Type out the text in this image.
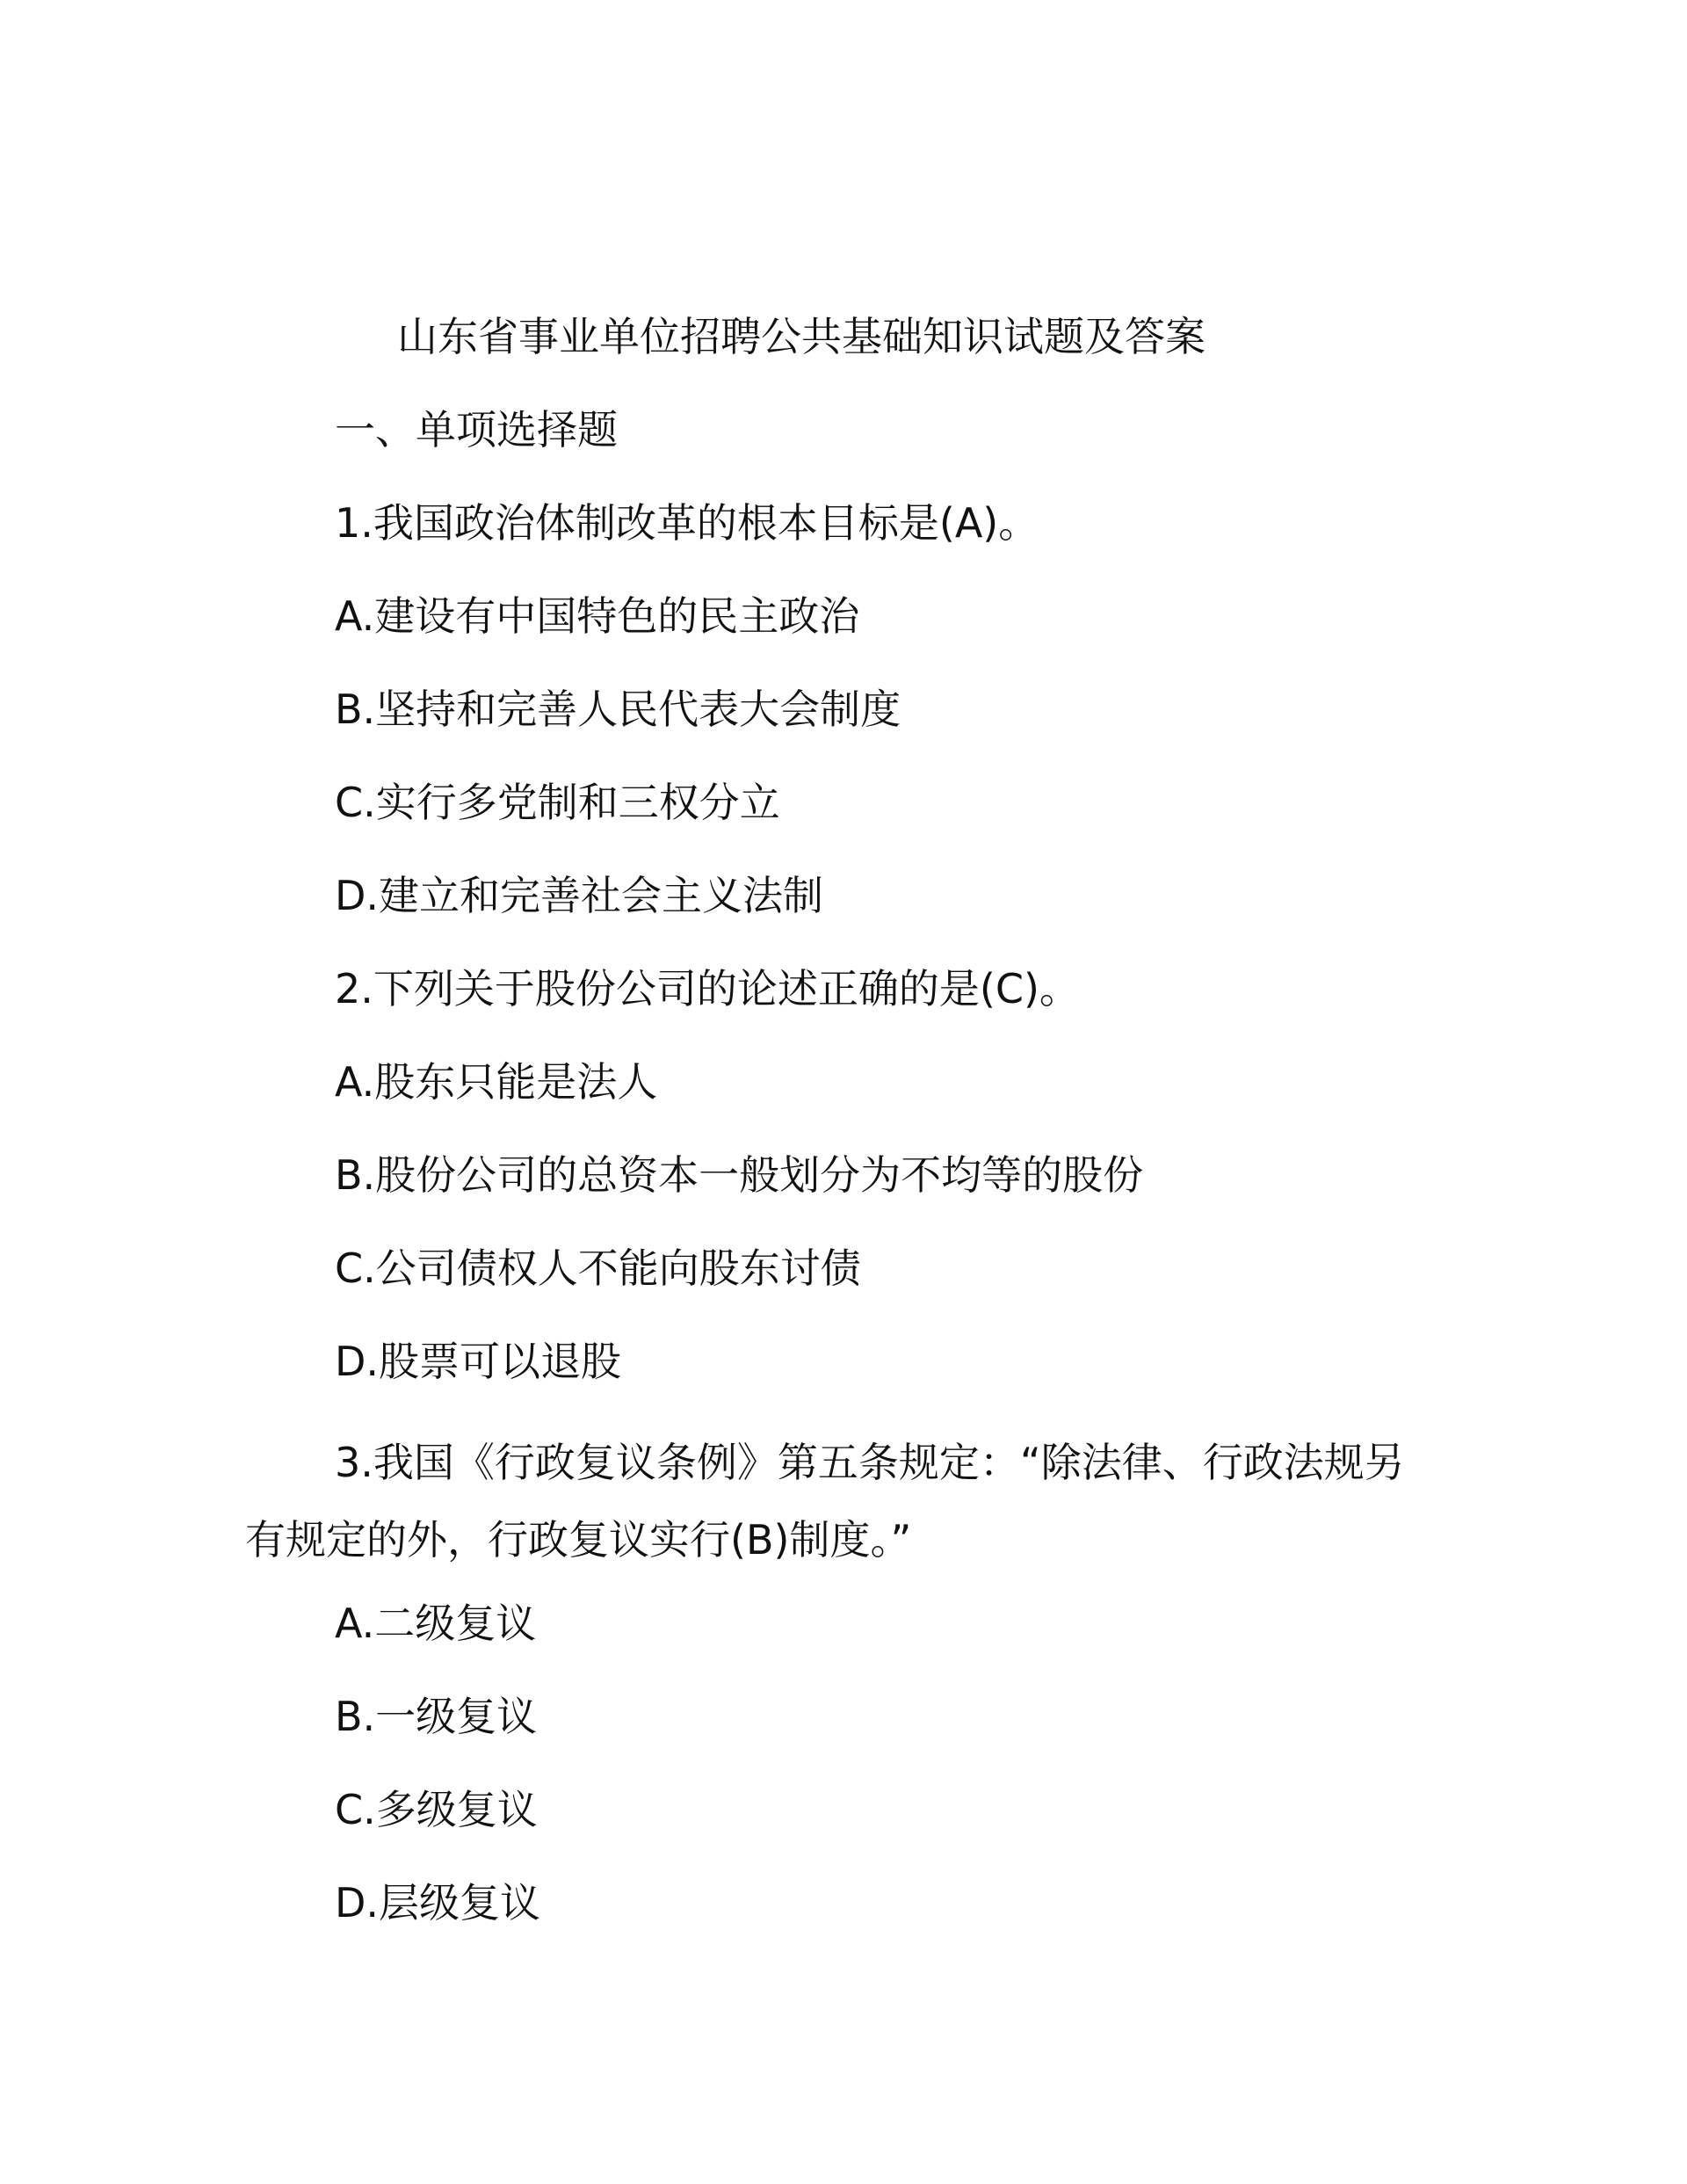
山东省事业单位招聘公共基础知识试题及答案
一、单项选择题
1.我国政治体制改革的根本目标是(A)。
A.建设有中国特色的民主政治
B.坚持和完善人民代表大会制度
C.实行多党制和三权分立
D.建立和完善社会主义法制
2.下列关于股份公司的论述正确的是(C)。
A.股东只能是法人
B.股份公司的总资本一般划分为不均等的股份
C.公司债权人不能向股东讨债
D.股票可以退股
3.我国《行政复议条例》第五条规定：“除法律、行政法规另有规定的外，行政复议实行(B)制度。”
A.二级复议
B.一级复议
C.多级复议
D.层级复议
